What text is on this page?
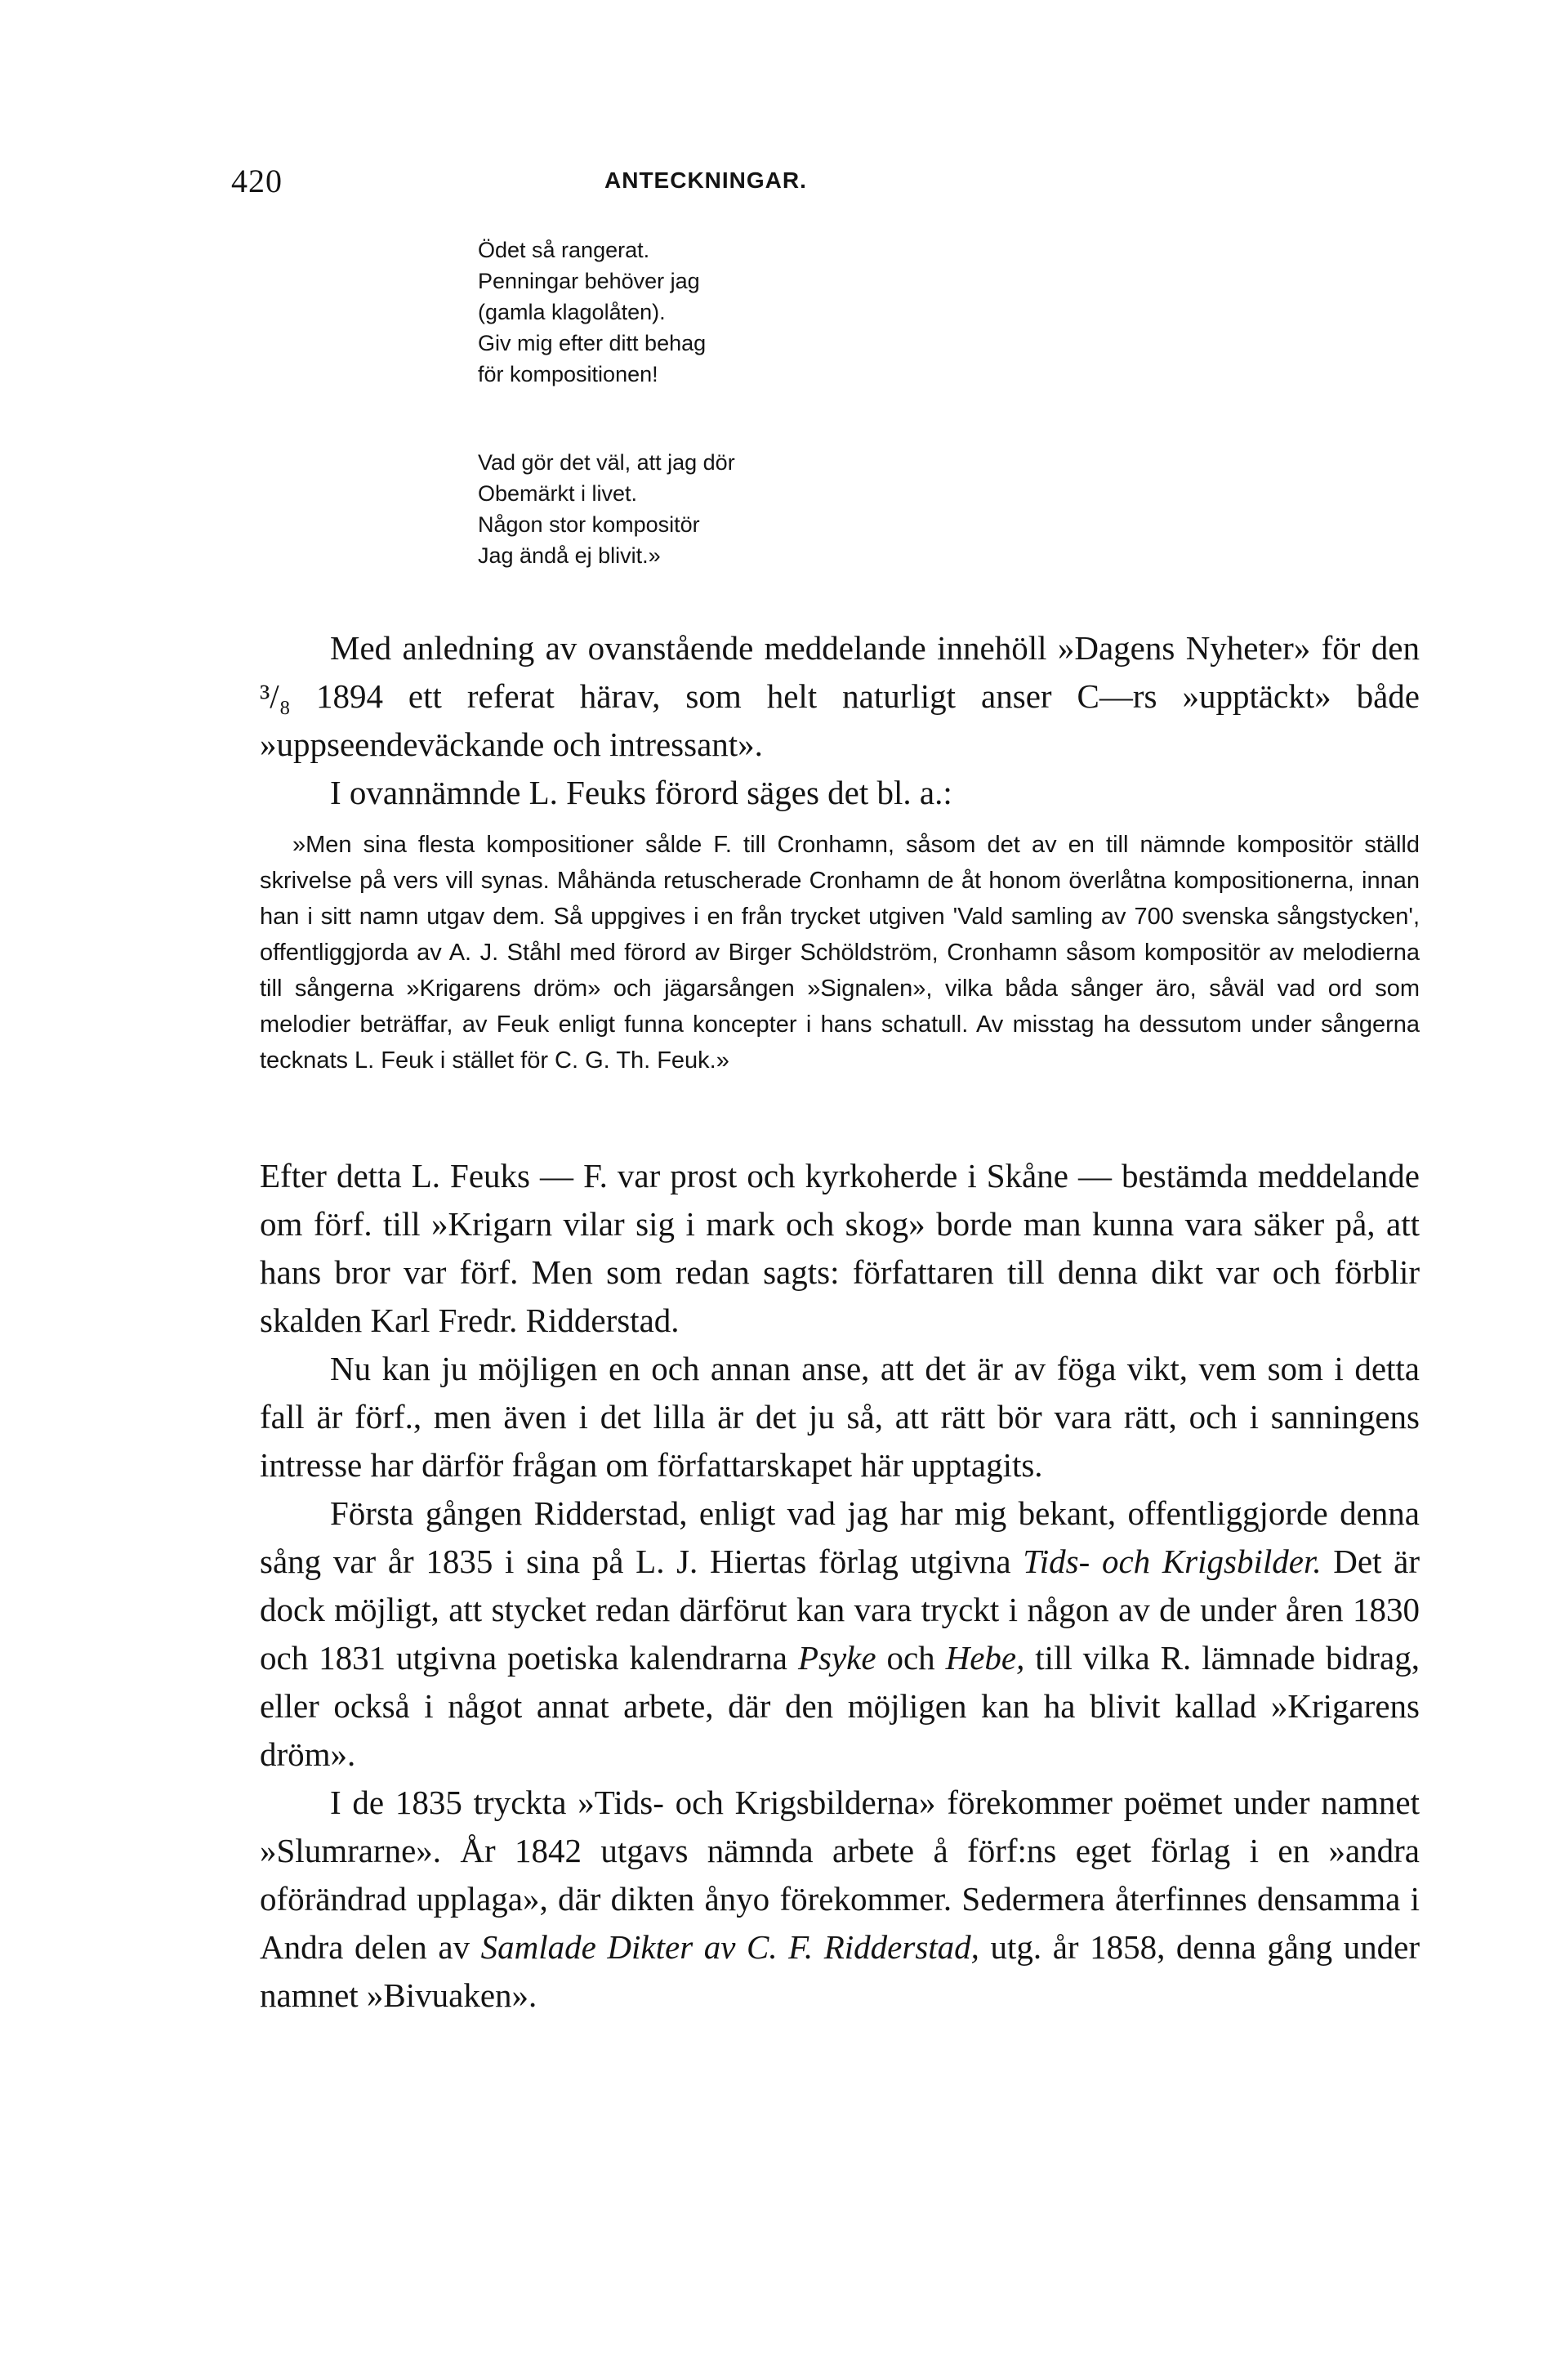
420	ANTECKNINGAR.
Ödet så rangerat.
Penningar behöver jag
(gamla klagolåten).
Giv mig efter ditt behag
för kompositionen!
Vad gör det väl, att jag dör
Obemärkt i livet.
Någon stor kompositör
Jag ändå ej blivit.»

Med anledning av ovanstående meddelande innehöll »Dagens Nyheter» för den ³/₈ 1894 ett referat härav, som helt naturligt anser C—rs »upptäckt» både »uppseendeväckande och intressant».

I ovannämnde L. Feuks förord säges det bl. a.:

»Men sina flesta kompositioner sålde F. till Cronhamn, såsom det av en till nämnde kompositör ställd skrivelse på vers vill synas. Måhända retuscherade Cronhamn de åt honom överlåtna kompositionerna, innan han i sitt namn utgav dem. Så uppgives i en från trycket utgiven 'Vald samling av 700 svenska sångstycken', offentliggjorda av A. J. Ståhl med förord av Birger Schöldström, Cronhamn såsom kompositör av melodierna till sångerna »Krigarens dröm» och jägarsången »Signalen», vilka båda sånger äro, såväl vad ord som melodier beträffar, av Feuk enligt funna koncepter i hans schatull. Av misstag ha dessutom under sångerna tecknats L. Feuk i stället för C. G. Th. Feuk.»

Efter detta L. Feuks — F. var prost och kyrkoherde i Skåne — bestämda meddelande om förf. till »Krigarn vilar sig i mark och skog» borde man kunna vara säker på, att hans bror var förf. Men som redan sagts: författaren till denna dikt var och förblir skalden Karl Fredr. Ridderstad.

Nu kan ju möjligen en och annan anse, att det är av föga vikt, vem som i detta fall är förf., men även i det lilla är det ju så, att rätt bör vara rätt, och i sanningens intresse har därför frågan om författarskapet här upptagits.

Första gången Ridderstad, enligt vad jag har mig bekant, offentliggjorde denna sång var år 1835 i sina på L. J. Hiertas förlag utgivna Tids- och Krigsbilder. Det är dock möjligt, att stycket redan därförut kan vara tryckt i någon av de under åren 1830 och 1831 utgivna poetiska kalendrarna Psyke och Hebe, till vilka R. lämnade bidrag, eller också i något annat arbete, där den möjligen kan ha blivit kallad »Krigarens dröm».

I de 1835 tryckta »Tids- och Krigsbilderna» förekommer poëmet under namnet »Slumrarne». År 1842 utgavs nämnda arbete å förf:ns eget förlag i en »andra oförändrad upplaga», där dikten ånyo förekommer. Sedermera återfinnes densamma i Andra delen av Samlade Dikter av C. F. Ridderstad, utg. år 1858, denna gång under namnet »Bivuaken».
